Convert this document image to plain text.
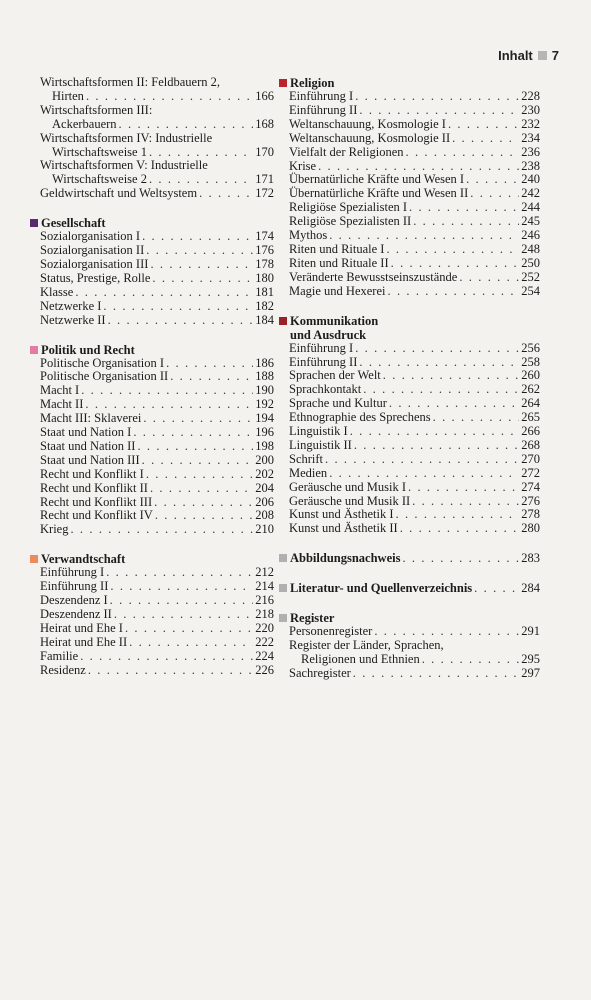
Inhalt 7
Wirtschaftsformen II: Feldbauern 2,
Hirten . . .	166
Wirtschaftsformen III:
Ackerbauern . . .	168
Wirtschaftsformen IV: Industrielle
Wirtschaftsweise 1 . . .	170
Wirtschaftsformen V: Industrielle
Wirtschaftsweise 2 . . .	171
Geldwirtschaft und Weltsystem . . .	172
Gesellschaft
Sozialorganisation I . . .	174
Sozialorganisation II . . .	176
Sozialorganisation III . . .	178
Status, Prestige, Rolle . . .	180
Klasse . . .	181
Netzwerke I . . .	182
Netzwerke II . . .	184
Politik und Recht
Politische Organisation I . . .	186
Politische Organisation II . . .	188
Macht I . . .	190
Macht II . . .	192
Macht III: Sklaverei . . .	194
Staat und Nation I . . .	196
Staat und Nation II . . .	198
Staat und Nation III . . .	200
Recht und Konflikt I . . .	202
Recht und Konflikt II . . .	204
Recht und Konflikt III . . .	206
Recht und Konflikt IV . . .	208
Krieg . . .	210
Verwandtschaft
Einführung I . . .	212
Einführung II . . .	214
Deszendenz I . . .	216
Deszendenz II . . .	218
Heirat und Ehe I . . .	220
Heirat und Ehe II . . .	222
Familie . . .	224
Residenz . . .	226
Religion
Einführung I . . .	228
Einführung II . . .	230
Weltanschauung, Kosmologie I . . .	232
Weltanschauung, Kosmologie II . . .	234
Vielfalt der Religionen . . .	236
Krise . . .	238
Übernatürliche Kräfte und Wesen I . . .	240
Übernatürliche Kräfte und Wesen II . . .	242
Religiöse Spezialisten I . . .	244
Religiöse Spezialisten II . . .	245
Mythos . . .	246
Riten und Rituale I . . .	248
Riten und Rituale II . . .	250
Veränderte Bewusstseinszustände . . .	252
Magie und Hexerei . . .	254
Kommunikation
und Ausdruck
Einführung I . . .	256
Einführung II . . .	258
Sprachen der Welt . . .	260
Sprachkontakt . . .	262
Sprache und Kultur . . .	264
Ethnographie des Sprechens . . .	265
Linguistik I . . .	266
Linguistik II . . .	268
Schrift . . .	270
Medien . . .	272
Geräusche und Musik I . . .	274
Geräusche und Musik II . . .	276
Kunst und Ästhetik I . . .	278
Kunst und Ästhetik II . . .	280
Abbildungsnachweis . . .	283
Literatur- und Quellenverzeichnis . . .	284
Register
Personenregister . . .	291
Register der Länder, Sprachen,
Religionen und Ethnien . . .	295
Sachregister . . .	297
